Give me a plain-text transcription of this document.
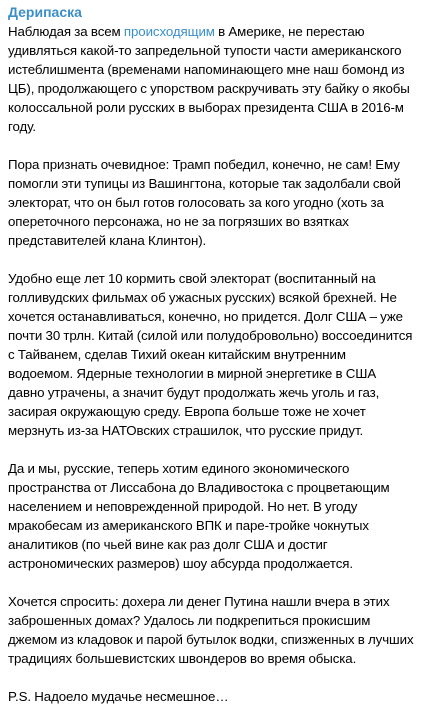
Дерипаска

Наблюдая за всем происходящим в Америке, не перестаю удивляться какой-то запредельной тупости части американского истеблишмента (временами напоминающего мне наш бомонд из ЦБ), продолжающего с упорством раскручивать эту байку о якобы колоссальной роли русских в выборах президента США в 2016-м году.

Пора признать очевидное: Трамп победил, конечно, не сам! Ему помогли эти тупицы из Вашингтона, которые так задолбали свой электорат, что он был готов голосовать за кого угодно (хоть за опереточного персонажа, но не за погрязших во взятках представителей клана Клинтон).

Удобно еще лет 10 кормить свой электорат (воспитанный на голливудских фильмах об ужасных русских) всякой брехней. Не хочется останавливаться, конечно, но придется. Долг США – уже почти 30 трлн. Китай (силой или полудобровольно) воссоединится с Тайванем, сделав Тихий океан китайским внутренним водоемом. Ядерные технологии в мирной энергетике в США давно утрачены, а значит будут продолжать жечь уголь и газ, засирая окружающую среду. Европа больше тоже не хочет мерзнуть из-за НАТОвских страшилок, что русские придут.

Да и мы, русские, теперь хотим единого экономического пространства от Лиссабона до Владивостока с процветающим населением и неповрежденной природой. Но нет. В угоду мракобесам из американского ВПК и паре-тройке чокнутых аналитиков (по чьей вине как раз долг США и достиг астрономических размеров) шоу абсурда продолжается.

Хочется спросить: дохера ли денег Путина нашли вчера в этих заброшенных домах? Удалось ли подкрепиться прокисшим джемом из кладовок и парой бутылок водки, спизженных в лучших традициях большевистских швондеров во время обыска.

P.S. Надоело мудачье несмешное…
